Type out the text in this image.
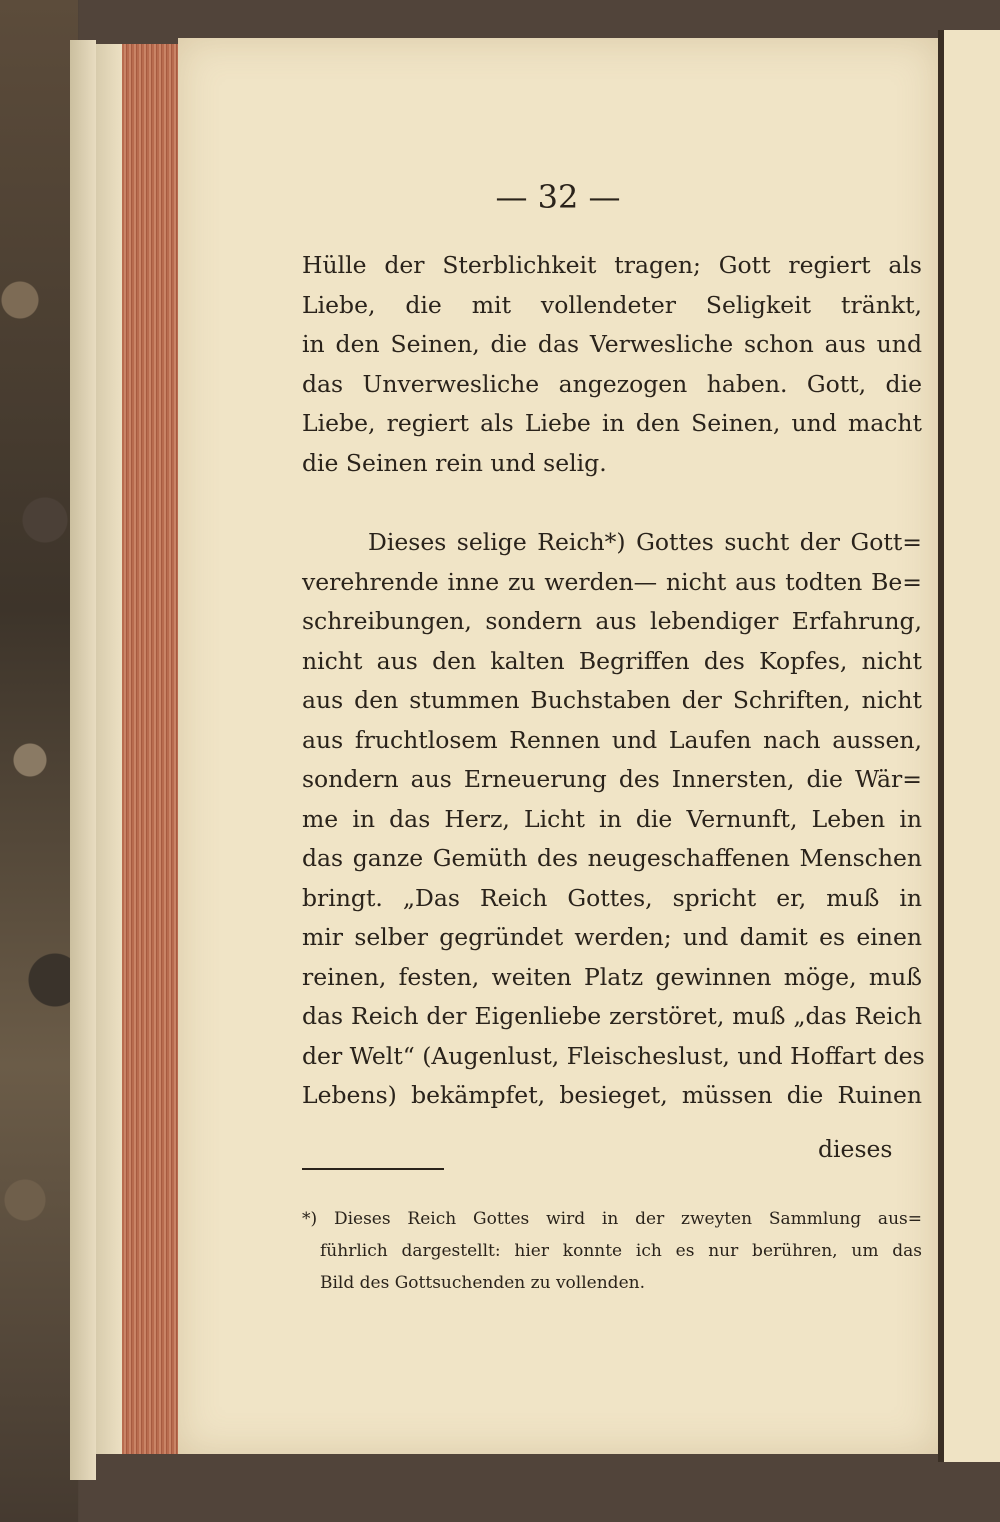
— 32 —
Hülle der Sterblichkeit tragen; Gott regiert als
Liebe, die mit vollendeter Seligkeit tränkt,
in den Seinen, die das Verwesliche schon aus und
das Unverwesliche angezogen haben. Gott, die
Liebe, regiert als Liebe in den Seinen, und macht
die Seinen rein und selig.
Dieses selige Reich*) Gottes sucht der Gott=
verehrende inne zu werden— nicht aus todten Be=
schreibungen, sondern aus lebendiger Erfahrung,
nicht aus den kalten Begriffen des Kopfes, nicht
aus den stummen Buchstaben der Schriften, nicht
aus fruchtlosem Rennen und Laufen nach aussen,
sondern aus Erneuerung des Innersten, die Wär=
me in das Herz, Licht in die Vernunft, Leben in
das ganze Gemüth des neugeschaffenen Menschen
bringt. „Das Reich Gottes, spricht er, muß in
mir selber gegründet werden; und damit es einen
reinen, festen, weiten Platz gewinnen möge, muß
das Reich der Eigenliebe zerstöret, muß „das Reich
der Welt“ (Augenlust, Fleischeslust, und Hoffart des
Lebens) bekämpfet, besieget, müssen die Ruinen
dieses
*) Dieses Reich Gottes wird in der zweyten Sammlung aus=
führlich dargestellt: hier konnte ich es nur berühren, um das
Bild des Gottsuchenden zu vollenden.
